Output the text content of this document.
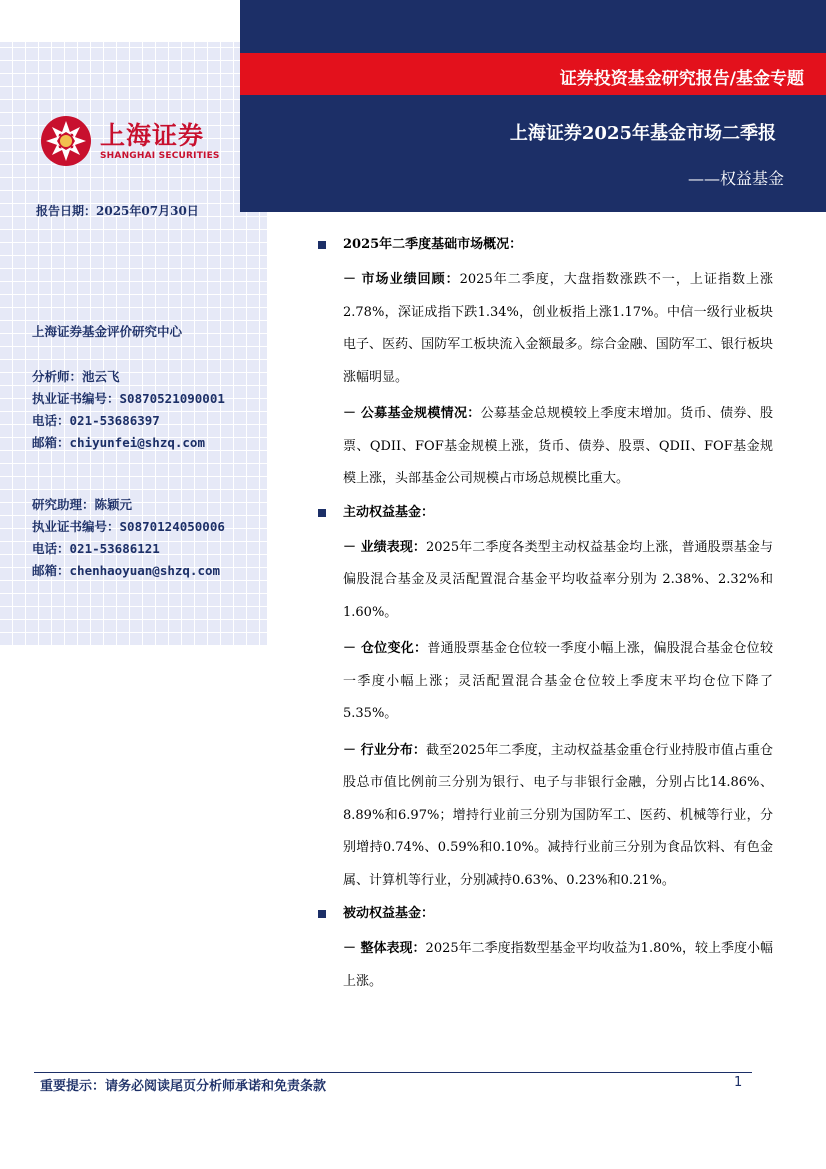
证券投资基金研究报告/基金专题
上海证券2025年基金市场二季报
——权益基金
上海证券
SHANGHAI SECURITIES
报告日期：2025年07月30日
上海证券基金评价研究中心
分析师：池云飞
执业证书编号：S0870521090001
电话：021-53686397
邮箱：chiyunfei@shzq.com
研究助理：陈颖元
执业证书编号：S0870124050006
电话：021-53686121
邮箱：chenhaoyuan@shzq.com
2025年二季度基础市场概况：
－ 市场业绩回顾：2025年二季度，大盘指数涨跌不一，上证指数上涨2.78%，深证成指下跌1.34%，创业板指上涨1.17%。中信一级行业板块电子、医药、国防军工板块流入金额最多。综合金融、国防军工、银行板块涨幅明显。
－ 公募基金规模情况：公募基金总规模较上季度末增加。货币、债券、股票、QDII、FOF基金规模上涨，货币、债券、股票、QDII、FOF基金规模上涨，头部基金公司规模占市场总规模比重大。
主动权益基金：
－ 业绩表现：2025年二季度各类型主动权益基金均上涨，普通股票基金与偏股混合基金及灵活配置混合基金平均收益率分别为 2.38%、2.32%和1.60%。
－ 仓位变化：普通股票基金仓位较一季度小幅上涨，偏股混合基金仓位较一季度小幅上涨；灵活配置混合基金仓位较上季度末平均仓位下降了5.35%。
－ 行业分布：截至2025年二季度，主动权益基金重仓行业持股市值占重仓股总市值比例前三分别为银行、电子与非银行金融，分别占比14.86%、8.89%和6.97%；增持行业前三分别为国防军工、医药、机械等行业，分别增持0.74%、0.59%和0.10%。减持行业前三分别为食品饮料、有色金属、计算机等行业，分别减持0.63%、0.23%和0.21%。
被动权益基金：
－ 整体表现：2025年二季度指数型基金平均收益为1.80%，较上季度小幅上涨。
重要提示：请务必阅读尾页分析师承诺和免责条款	1
